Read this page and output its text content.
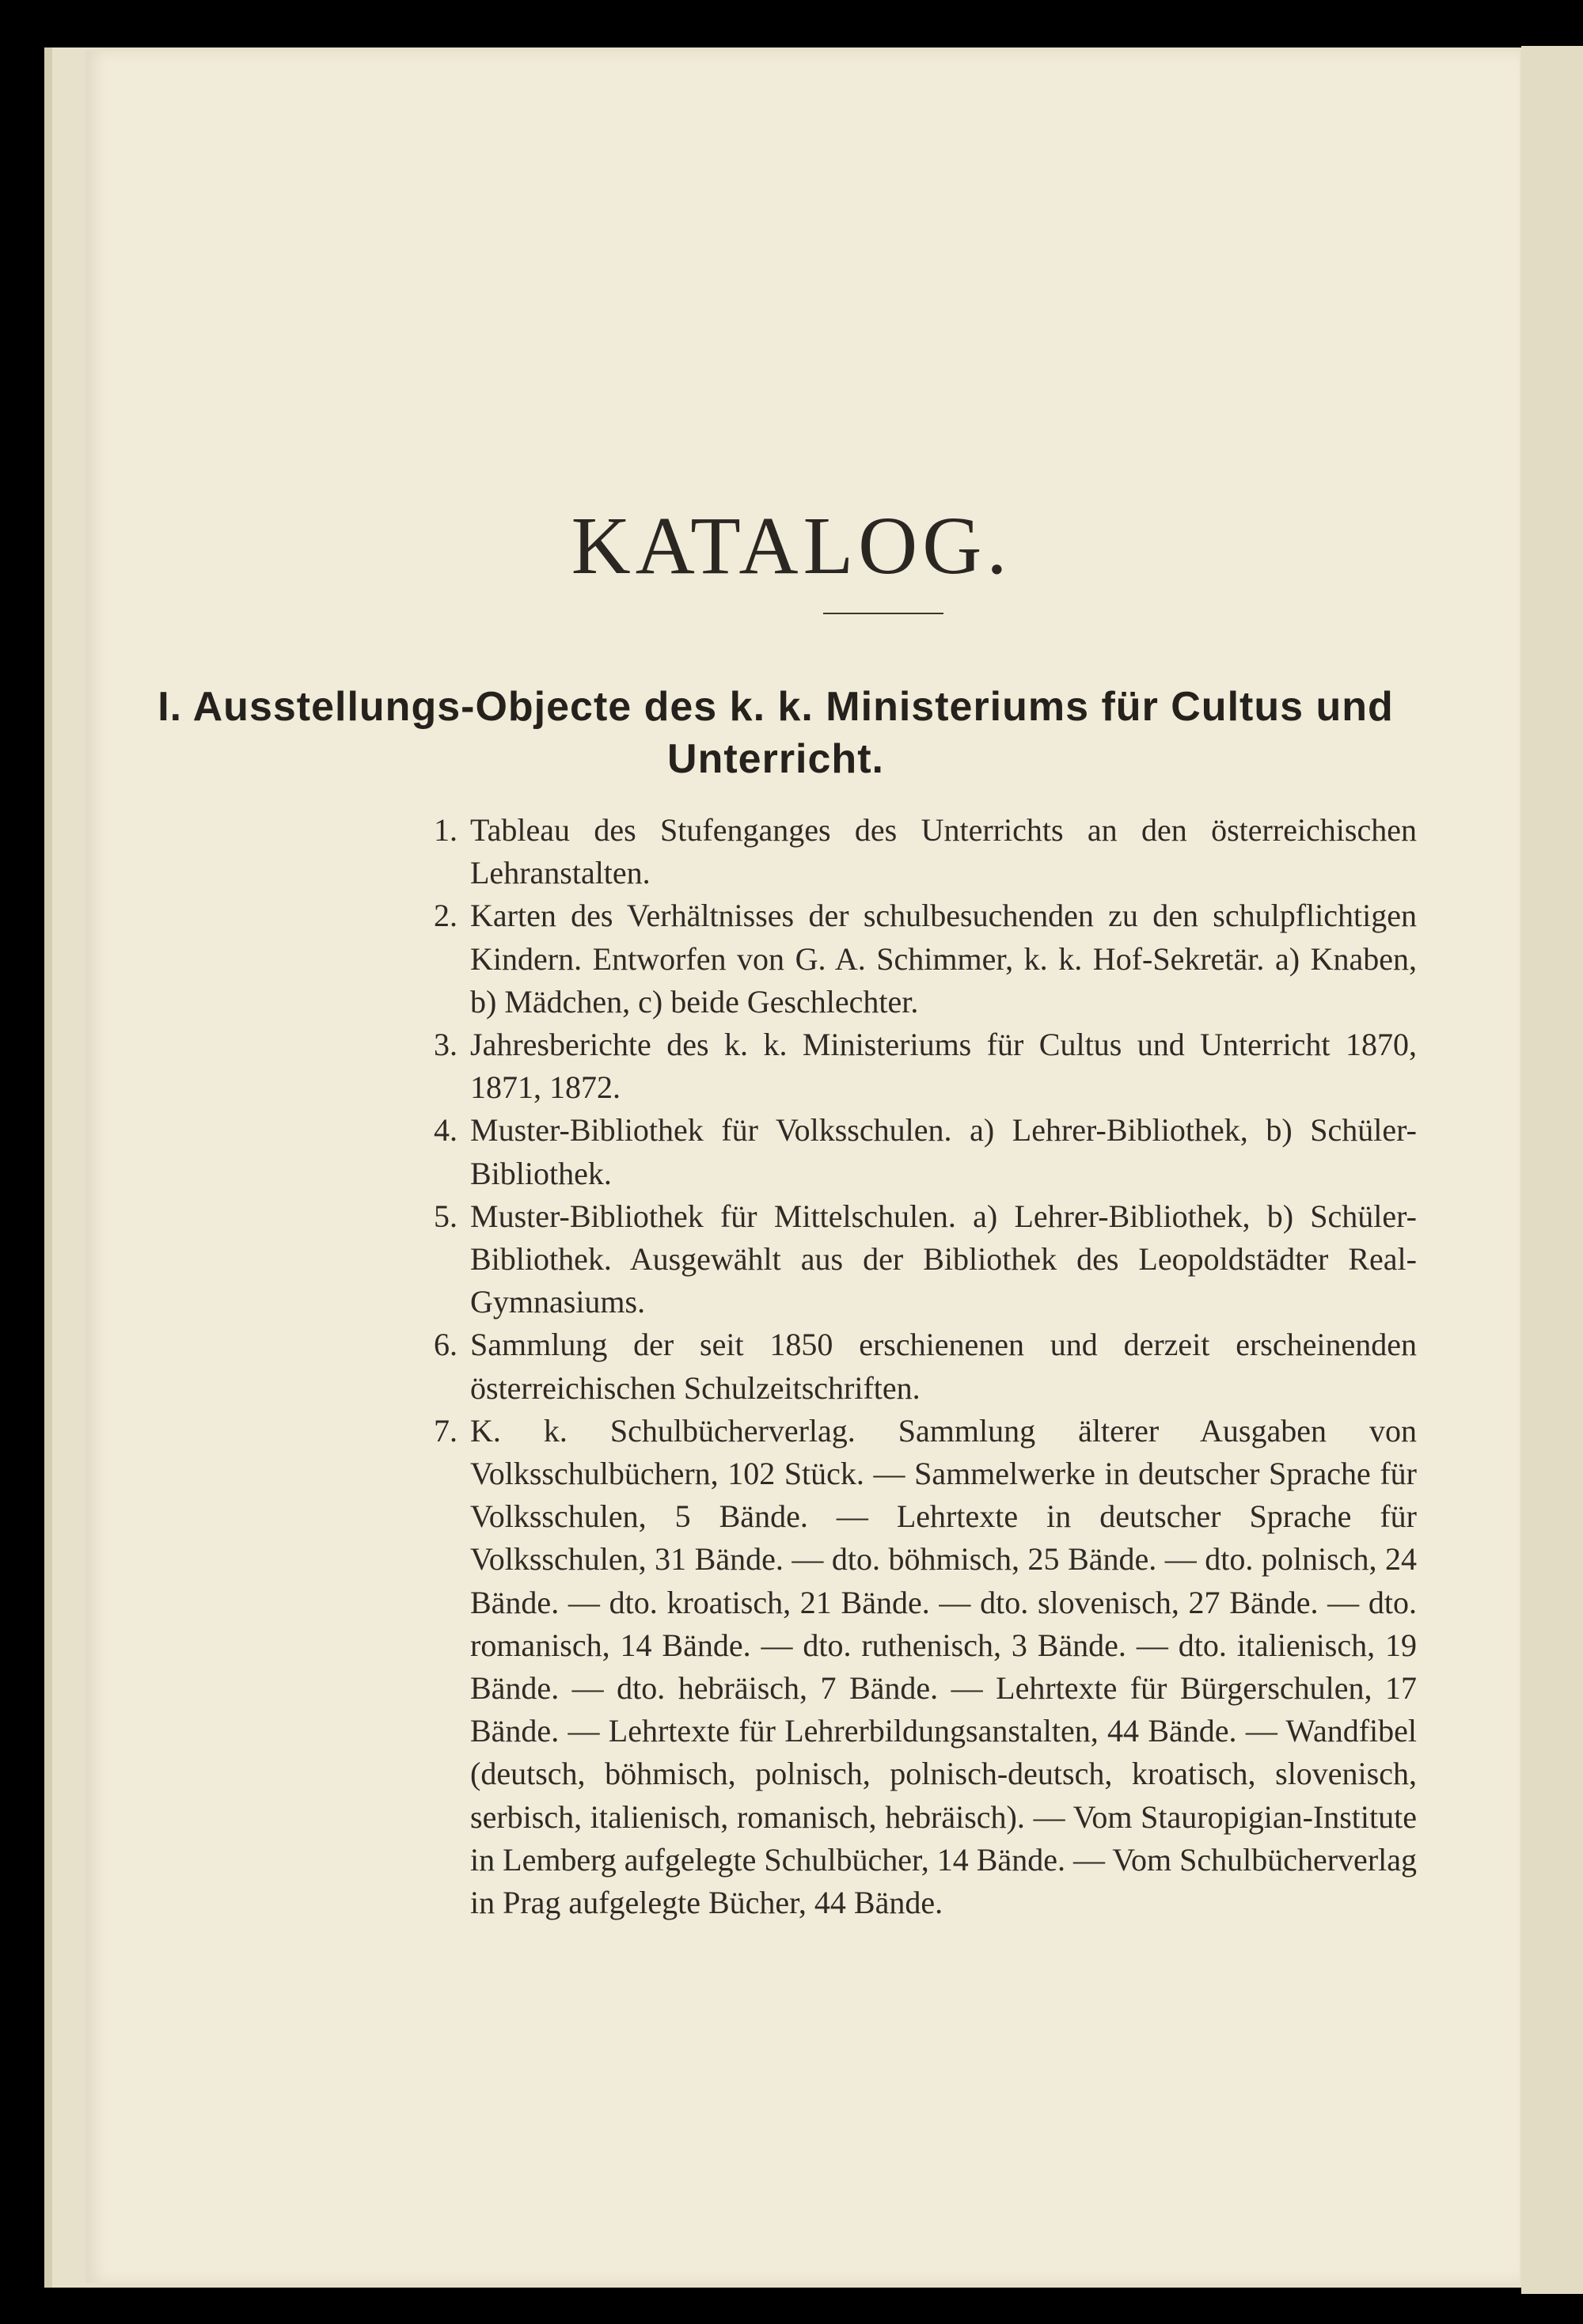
KATALOG.
I. Ausstellungs-Objecte des k. k. Ministeriums für Cultus und Unterricht.
1. Tableau des Stufenganges des Unterrichts an den österreichischen Lehranstalten.
2. Karten des Verhältnisses der schulbesuchenden zu den schulpflichtigen Kindern. Entworfen von G. A. Schimmer, k. k. Hof-Sekretär. a) Knaben, b) Mädchen, c) beide Geschlechter.
3. Jahresberichte des k. k. Ministeriums für Cultus und Unterricht 1870, 1871, 1872.
4. Muster-Bibliothek für Volksschulen. a) Lehrer-Bibliothek, b) Schüler-Bibliothek.
5. Muster-Bibliothek für Mittelschulen. a) Lehrer-Bibliothek, b) Schüler-Bibliothek. Ausgewählt aus der Bibliothek des Leopoldstädter Real-Gymnasiums.
6. Sammlung der seit 1850 erschienenen und derzeit erscheinenden österreichischen Schulzeitschriften.
7. K. k. Schulbücherverlag. Sammlung älterer Ausgaben von Volksschulbüchern, 102 Stück. — Sammelwerke in deutscher Sprache für Volksschulen, 5 Bände. — Lehrtexte in deutscher Sprache für Volksschulen, 31 Bände. — dto. böhmisch, 25 Bände. — dto. polnisch, 24 Bände. — dto. kroatisch, 21 Bände. — dto. slovenisch, 27 Bände. — dto. romanisch, 14 Bände. — dto. ruthenisch, 3 Bände. — dto. italienisch, 19 Bände. — dto. hebräisch, 7 Bände. — Lehrtexte für Bürgerschulen, 17 Bände. — Lehrtexte für Lehrerbildungsanstalten, 44 Bände. — Wandfibel (deutsch, böhmisch, polnisch, polnisch-deutsch, kroatisch, slovenisch, serbisch, italienisch, romanisch, hebräisch). — Vom Stauropigian-Institute in Lemberg aufgelegte Schulbücher, 14 Bände. — Vom Schulbücherverlag in Prag aufgelegte Bücher, 44 Bände.
